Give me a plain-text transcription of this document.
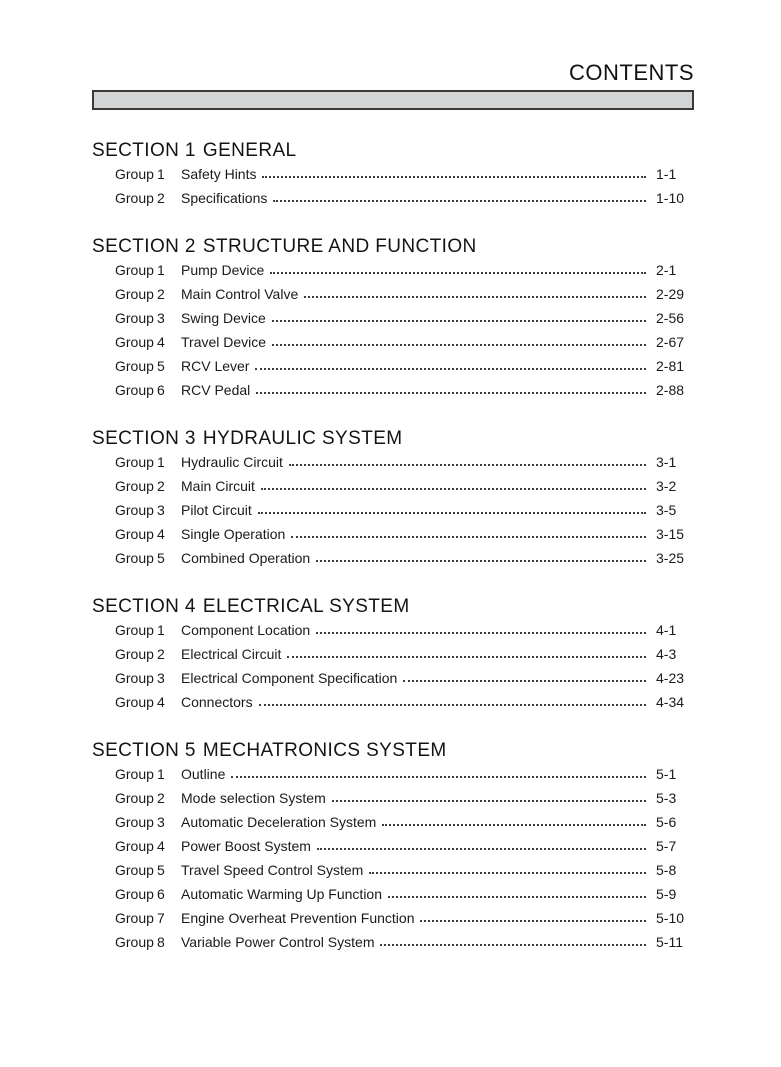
CONTENTS
SECTION 1 GENERAL
Group 1	Safety Hints	1-1
Group 2	Specifications	1-10
SECTION 2 STRUCTURE AND FUNCTION
Group 1	Pump Device	2-1
Group 2	Main Control Valve	2-29
Group 3	Swing Device	2-56
Group 4	Travel Device	2-67
Group 5	RCV Lever	2-81
Group 6	RCV Pedal	2-88
SECTION 3 HYDRAULIC SYSTEM
Group 1	Hydraulic Circuit	3-1
Group 2	Main Circuit	3-2
Group 3	Pilot Circuit	3-5
Group 4	Single Operation	3-15
Group 5	Combined Operation	3-25
SECTION 4 ELECTRICAL SYSTEM
Group 1	Component Location	4-1
Group 2	Electrical Circuit	4-3
Group 3	Electrical Component Specification	4-23
Group 4	Connectors	4-34
SECTION 5 MECHATRONICS SYSTEM
Group 1	Outline	5-1
Group 2	Mode selection System	5-3
Group 3	Automatic Deceleration System	5-6
Group 4	Power Boost System	5-7
Group 5	Travel Speed Control System	5-8
Group 6	Automatic Warming Up Function	5-9
Group 7	Engine Overheat Prevention Function	5-10
Group 8	Variable Power Control System	5-11
